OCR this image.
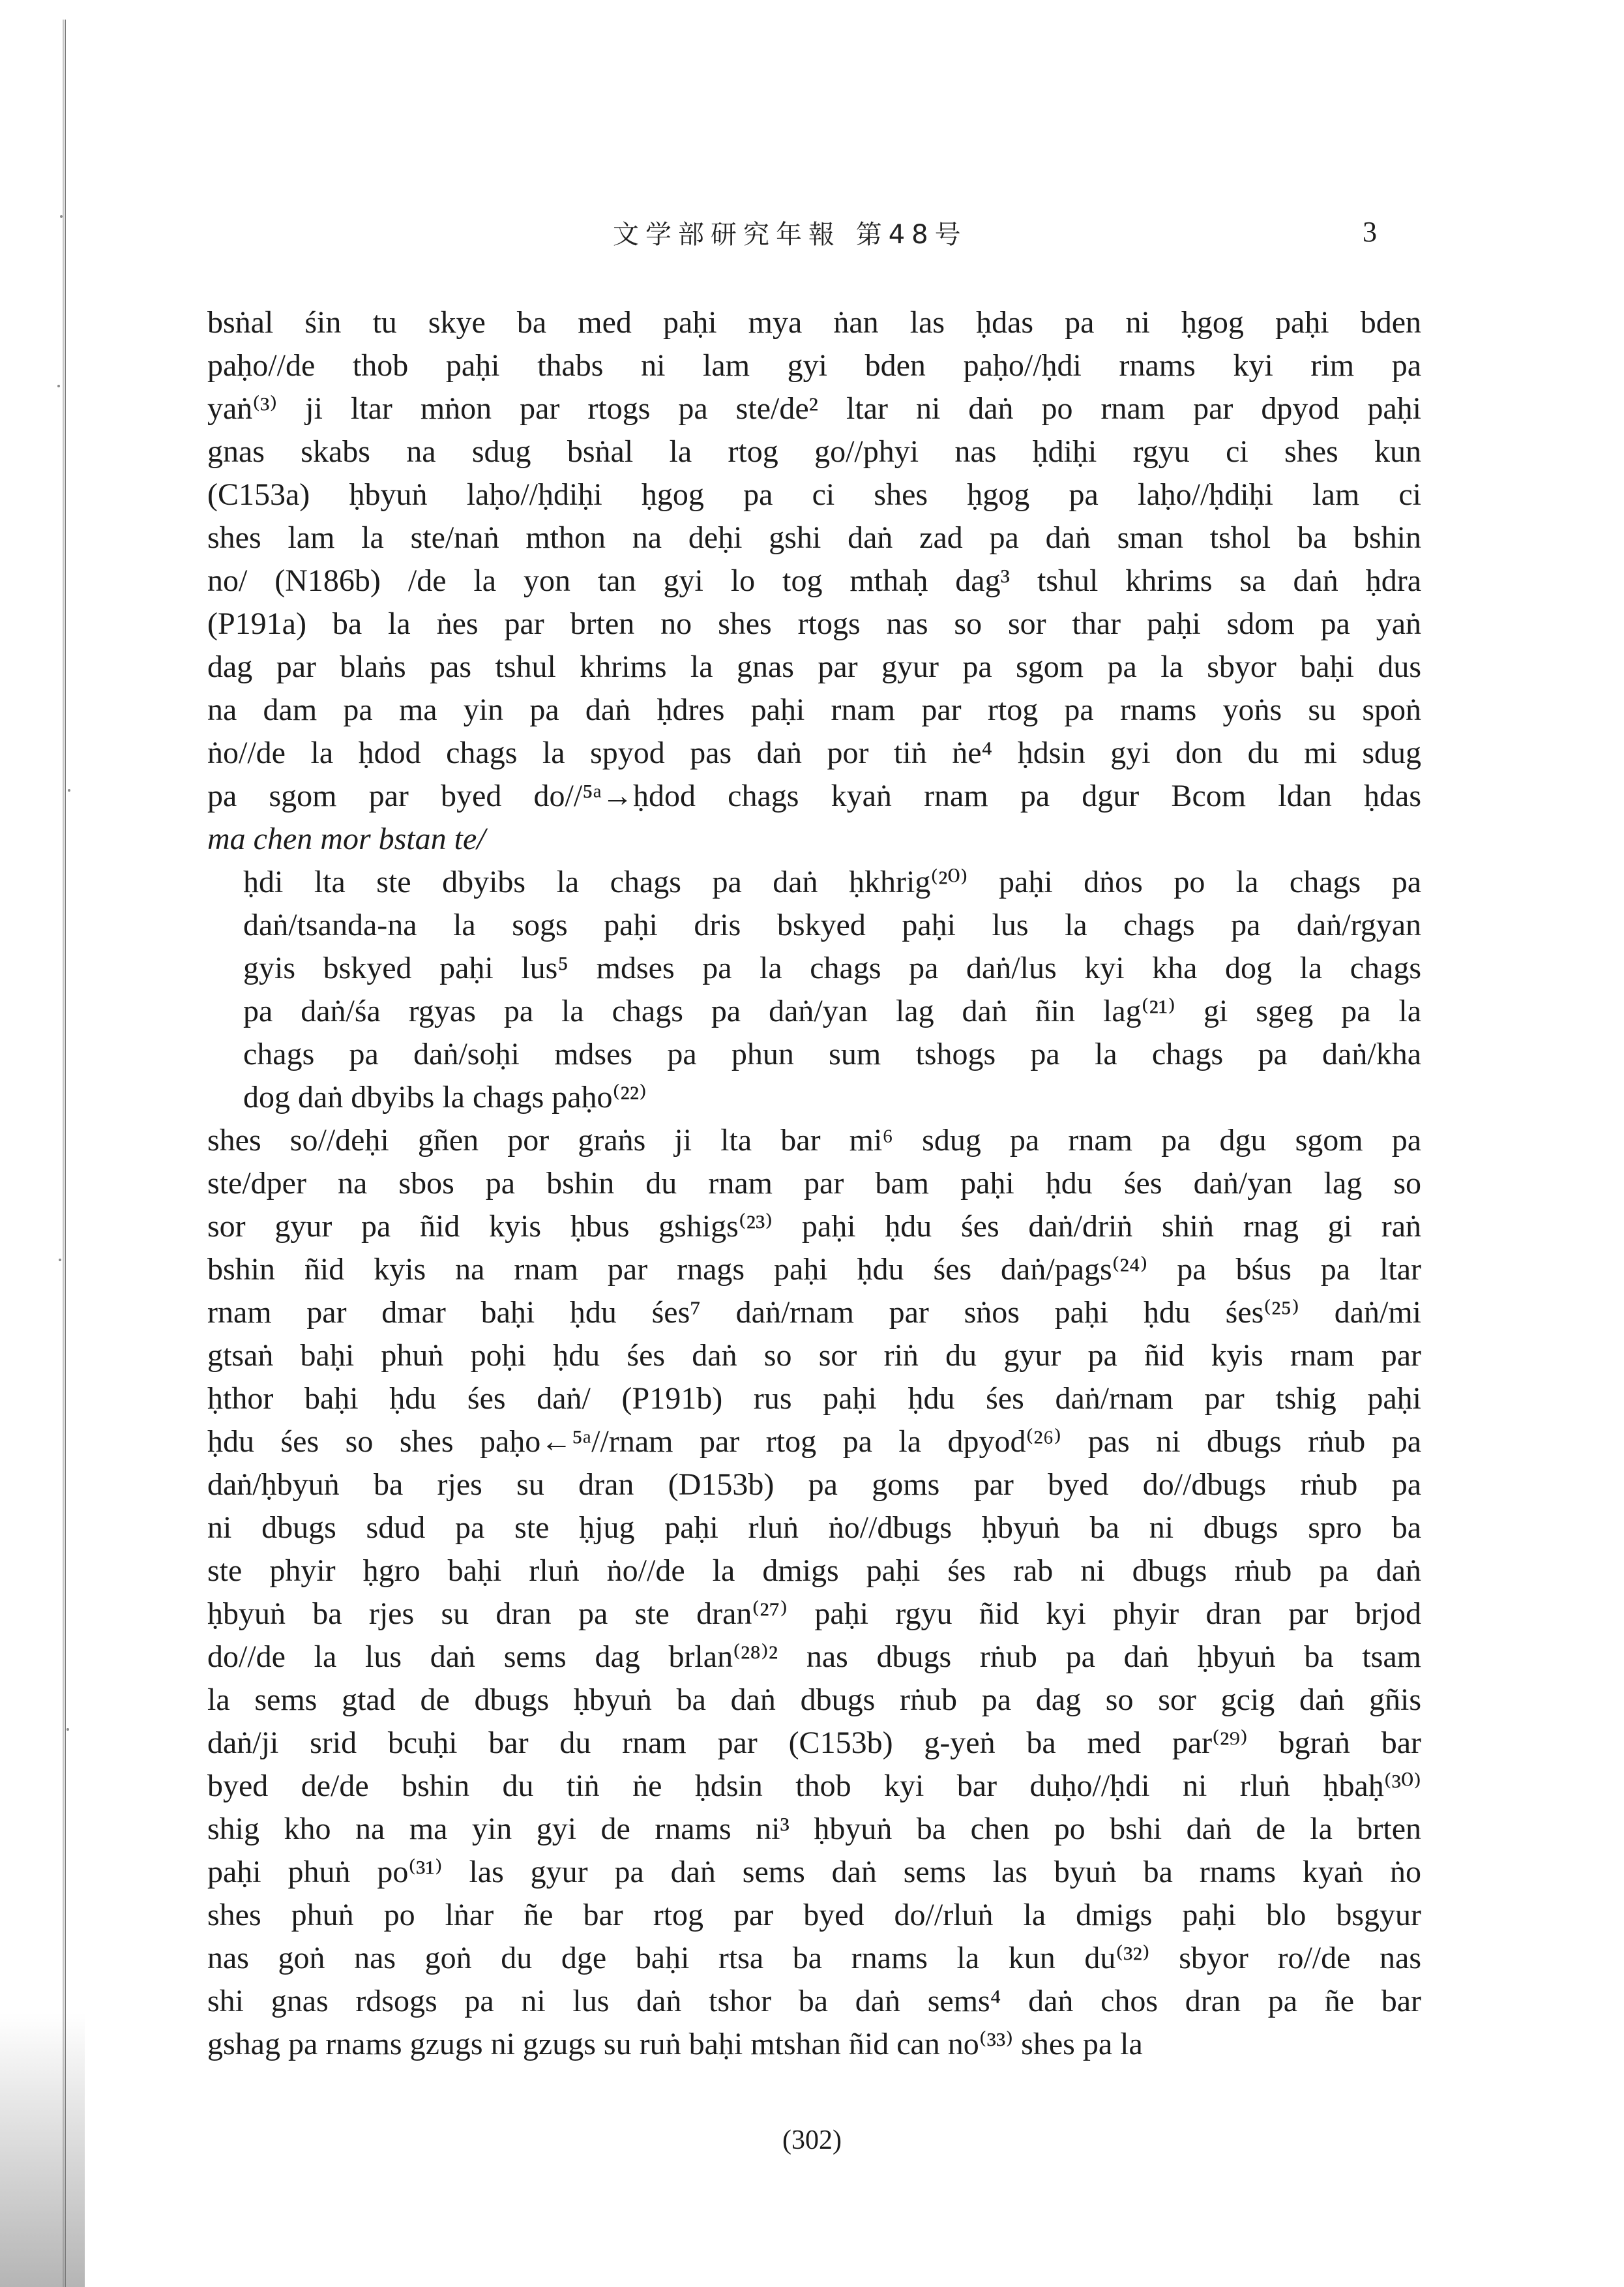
文学部研究年報 第48号	3
bsṅal śin tu skye ba med paḥi mya ṅan las ḥdas pa ni ḥgog paḥi bden
paḥo//de thob paḥi thabs ni lam gyi bden paḥo//ḥdi rnams kyi rim pa
yaṅ⁽³⁾ ji ltar mṅon par rtogs pa ste/de² ltar ni daṅ po rnam par dpyod paḥi
gnas skabs na sdug bsṅal la rtog go//phyi nas ḥdiḥi rgyu ci shes kun
(C153a) ḥbyuṅ laḥo//ḥdiḥi ḥgog pa ci shes ḥgog pa laḥo//ḥdiḥi lam ci
shes lam la ste/naṅ mthon na deḥi gshi daṅ zad pa daṅ sman tshol ba bshin
no/ (N186b) /de la yon tan gyi lo tog mthaḥ dag³ tshul khrims sa daṅ ḥdra
(P191a) ba la ṅes par brten no shes rtogs nas so sor thar paḥi sdom pa yaṅ
dag par blaṅs pas tshul khrims la gnas par gyur pa sgom pa la sbyor baḥi dus
na dam pa ma yin pa daṅ ḥdres paḥi rnam par rtog pa rnams yoṅs su spoṅ
ṅo//de la ḥdod chags la spyod pas daṅ por tiṅ ṅe⁴ ḥdsin gyi don du mi sdug
pa sgom par byed do//⁵ᵃ→ḥdod chags kyaṅ rnam pa dgur Bcom ldan ḥdas
ma chen mor bstan te/
ḥdi lta ste dbyibs la chags pa daṅ ḥkhrig⁽²⁰⁾ paḥi dṅos po la chags pa
daṅ/tsanda-na la sogs paḥi dris bskyed paḥi lus la chags pa daṅ/rgyan
gyis bskyed paḥi lus⁵ mdses pa la chags pa daṅ/lus kyi kha dog la chags
pa daṅ/śa rgyas pa la chags pa daṅ/yan lag daṅ ñin lag⁽²¹⁾ gi sgeg pa la
chags pa daṅ/soḥi mdses pa phun sum tshogs pa la chags pa daṅ/kha
dog daṅ dbyibs la chags paḥo⁽²²⁾
shes so//deḥi gñen por graṅs ji lta bar mi⁶ sdug pa rnam pa dgu sgom pa
ste/dper na sbos pa bshin du rnam par bam paḥi ḥdu śes daṅ/yan lag so
sor gyur pa ñid kyis ḥbus gshigs⁽²³⁾ paḥi ḥdu śes daṅ/driṅ shiṅ rnag gi raṅ
bshin ñid kyis na rnam par rnags paḥi ḥdu śes daṅ/pags⁽²⁴⁾ pa bśus pa ltar
rnam par dmar baḥi ḥdu śes⁷ daṅ/rnam par sṅos paḥi ḥdu śes⁽²⁵⁾ daṅ/mi
gtsaṅ baḥi phuṅ poḥi ḥdu śes daṅ so sor riṅ du gyur pa ñid kyis rnam par
ḥthor baḥi ḥdu śes daṅ/ (P191b) rus paḥi ḥdu śes daṅ/rnam par tshig paḥi
ḥdu śes so shes paḥo←⁵ᵃ//rnam par rtog pa la dpyod⁽²⁶⁾ pas ni dbugs rṅub pa
daṅ/ḥbyuṅ ba rjes su dran (D153b) pa goms par byed do//dbugs rṅub pa
ni dbugs sdud pa ste ḥjug paḥi rluṅ ṅo//dbugs ḥbyuṅ ba ni dbugs spro ba
ste phyir ḥgro baḥi rluṅ ṅo//de la dmigs paḥi śes rab ni dbugs rṅub pa daṅ
ḥbyuṅ ba rjes su dran pa ste dran⁽²⁷⁾ paḥi rgyu ñid kyi phyir dran par brjod
do//de la lus daṅ sems dag brlan⁽²⁸⁾² nas dbugs rṅub pa daṅ ḥbyuṅ ba tsam
la sems gtad de dbugs ḥbyuṅ ba daṅ dbugs rṅub pa dag so sor gcig daṅ gñis
daṅ/ji srid bcuḥi bar du rnam par (C153b) g-yeṅ ba med par⁽²⁹⁾ bgraṅ bar
byed de/de bshin du tiṅ ṅe ḥdsin thob kyi bar duḥo//ḥdi ni rluṅ ḥbaḥ⁽³⁰⁾
shig kho na ma yin gyi de rnams ni³ ḥbyuṅ ba chen po bshi daṅ de la brten
paḥi phuṅ po⁽³¹⁾ las gyur pa daṅ sems daṅ sems las byuṅ ba rnams kyaṅ ṅo
shes phuṅ po lṅar ñe bar rtog par byed do//rluṅ la dmigs paḥi blo bsgyur
nas goṅ nas goṅ du dge baḥi rtsa ba rnams la kun du⁽³²⁾ sbyor ro//de nas
shi gnas rdsogs pa ni lus daṅ tshor ba daṅ sems⁴ daṅ chos dran pa ñe bar
gshag pa rnams gzugs ni gzugs su ruṅ baḥi mtshan ñid can no⁽³³⁾ shes pa la
(302)
